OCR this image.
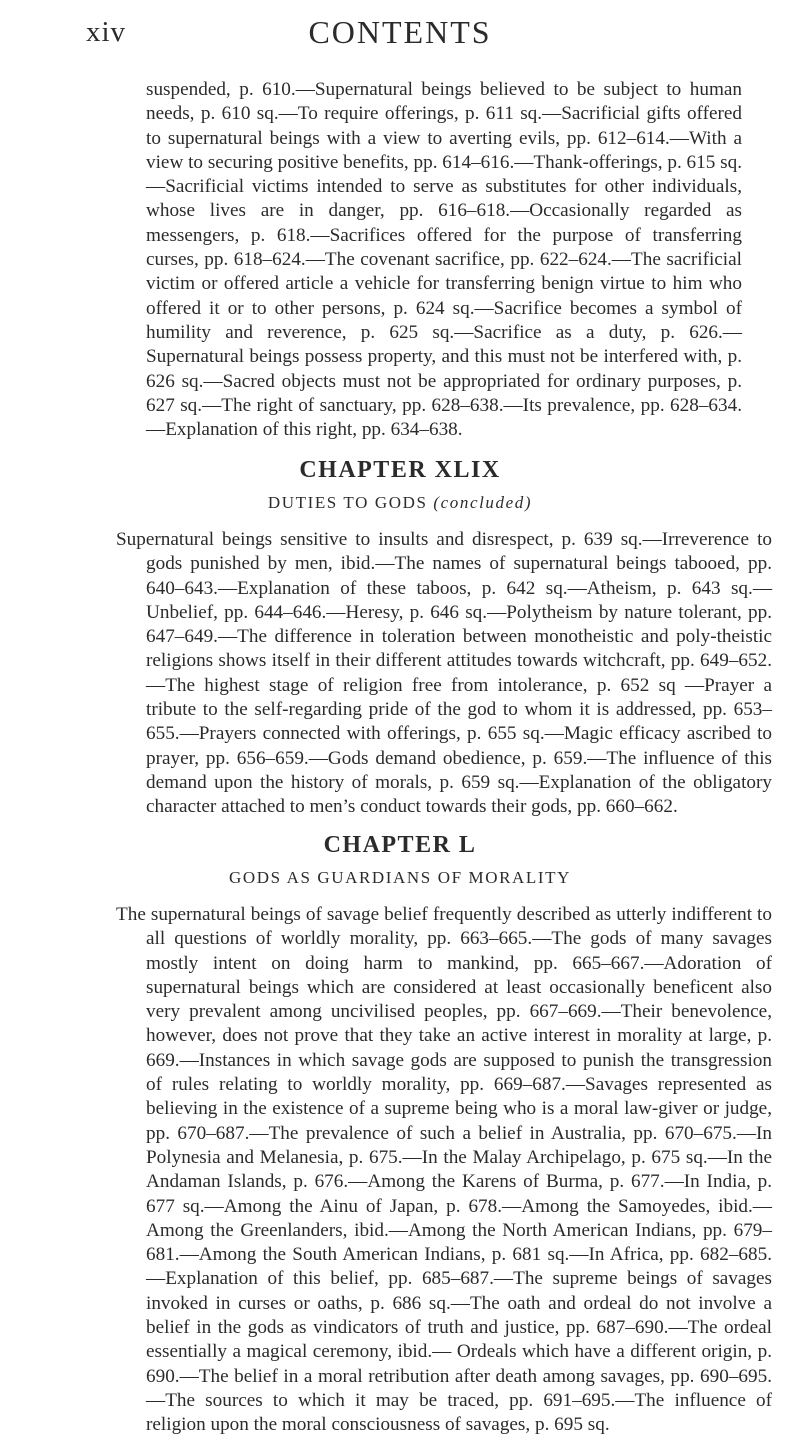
xiv	CONTENTS

suspended, p. 610.—Supernatural beings believed to be subject to human needs, p. 610 sq.—To require offerings, p. 611 sq.—Sacrificial gifts offered to supernatural beings with a view to averting evils, pp. 612–614.—With a view to securing positive benefits, pp. 614–616.—Thank-offerings, p. 615 sq.—Sacrificial victims intended to serve as substitutes for other individuals, whose lives are in danger, pp. 616–618.—Occasionally regarded as messengers, p. 618.—Sacrifices offered for the purpose of transferring curses, pp. 618–624.—The covenant sacrifice, pp. 622–624.—The sacrificial victim or offered article a vehicle for transferring benign virtue to him who offered it or to other persons, p. 624 sq.—Sacrifice becomes a symbol of humility and reverence, p. 625 sq.—Sacrifice as a duty, p. 626.—Supernatural beings possess property, and this must not be interfered with, p. 626 sq.—Sacred objects must not be appropriated for ordinary purposes, p. 627 sq.—The right of sanctuary, pp. 628–638.—Its prevalence, pp. 628–634.—Explanation of this right, pp. 634–638.

CHAPTER XLIX

DUTIES TO GODS (concluded)

Supernatural beings sensitive to insults and disrespect, p. 639 sq.—Irreverence to gods punished by men, ibid.—The names of supernatural beings tabooed, pp. 640–643.—Explanation of these taboos, p. 642 sq.—Atheism, p. 643 sq.—Unbelief, pp. 644–646.—Heresy, p. 646 sq.—Polytheism by nature tolerant, pp. 647–649.—The difference in toleration between monotheistic and poly-theistic religions shows itself in their different attitudes towards witchcraft, pp. 649–652.—The highest stage of religion free from intolerance, p. 652 sq —Prayer a tribute to the self-regarding pride of the god to whom it is addressed, pp. 653–655.—Prayers connected with offerings, p. 655 sq.—Magic efficacy ascribed to prayer, pp. 656–659.—Gods demand obedience, p. 659.—The influence of this demand upon the history of morals, p. 659 sq.—Explanation of the obligatory character attached to men’s conduct towards their gods, pp. 660–662.

CHAPTER L

GODS AS GUARDIANS OF MORALITY

The supernatural beings of savage belief frequently described as utterly indifferent to all questions of worldly morality, pp. 663–665.—The gods of many savages mostly intent on doing harm to mankind, pp. 665–667.—Adoration of supernatural beings which are considered at least occasionally beneficent also very prevalent among uncivilised peoples, pp. 667–669.—Their benevolence, however, does not prove that they take an active interest in morality at large, p. 669.—Instances in which savage gods are supposed to punish the transgression of rules relating to worldly morality, pp. 669–687.—Savages represented as believing in the existence of a supreme being who is a moral law-giver or judge, pp. 670–687.—The prevalence of such a belief in Australia, pp. 670–675.—In Polynesia and Melanesia, p. 675.—In the Malay Archipelago, p. 675 sq.—In the Andaman Islands, p. 676.—Among the Karens of Burma, p. 677.—In India, p. 677 sq.—Among the Ainu of Japan, p. 678.—Among the Samoyedes, ibid.—Among the Greenlanders, ibid.—Among the North American Indians, pp. 679–681.—Among the South American Indians, p. 681 sq.—In Africa, pp. 682–685.—Explanation of this belief, pp. 685–687.—The supreme beings of savages invoked in curses or oaths, p. 686 sq.—The oath and ordeal do not involve a belief in the gods as vindicators of truth and justice, pp. 687–690.—The ordeal essentially a magical ceremony, ibid.— Ordeals which have a different origin, p. 690.—The belief in a moral retribution after death among savages, pp. 690–695.—The sources to which it may be traced, pp. 691–695.—The influence of religion upon the moral consciousness of savages, p. 695 sq.
